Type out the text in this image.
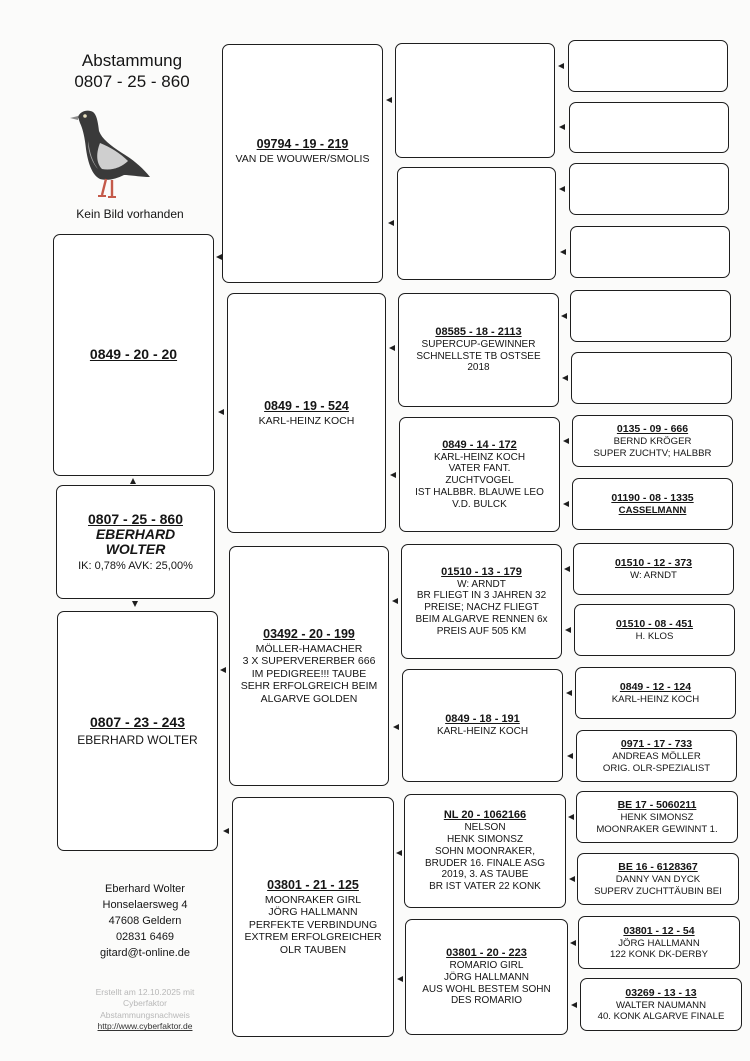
Abstammung
0807 - 25 - 860
Kein Bild vorhanden
0849 - 20 - 20
0807 - 25 - 860
EBERHARD
WOLTER
IK: 0,78% AVK: 25,00%
0807 - 23 - 243
EBERHARD WOLTER
09794 - 19 - 219
VAN DE WOUWER/SMOLIS
0849 - 19 - 524
KARL-HEINZ KOCH
03492 - 20 - 199
MÖLLER-HAMACHER
3 X SUPERVERERBER 666
IM PEDIGREE!!! TAUBE
SEHR ERFOLGREICH BEIM
ALGARVE GOLDEN
03801 - 21 - 125
MOONRAKER GIRL
JÖRG HALLMANN
PERFEKTE VERBINDUNG
EXTREM ERFOLGREICHER
OLR TAUBEN
08585 - 18 - 2113
SUPERCUP-GEWINNER
SCHNELLSTE TB OSTSEE
2018
0849 - 14 - 172
KARL-HEINZ KOCH
VATER FANT.
ZUCHTVOGEL
IST HALBBR. BLAUWE LEO
V.D. BULCK
01510 - 13 - 179
W: ARNDT
BR FLIEGT IN 3 JAHREN 32
PREISE; NACHZ FLIEGT
BEIM ALGARVE RENNEN 6x
PREIS AUF 505 KM
0849 - 18 - 191
KARL-HEINZ KOCH
NL 20 - 1062166
NELSON
HENK SIMONSZ
SOHN MOONRAKER,
BRUDER 16. FINALE ASG
2019, 3. AS TAUBE
BR IST VATER 22 KONK
03801 - 20 - 223
ROMARIO GIRL
JÖRG HALLMANN
AUS WOHL BESTEM SOHN
DES ROMARIO
0135 - 09 - 666
BERND KRÖGER
SUPER ZUCHTV; HALBBR
01190 - 08 - 1335
CASSELMANN
01510 - 12 - 373
W: ARNDT
01510 - 08 - 451
H. KLOS
0849 - 12 - 124
KARL-HEINZ KOCH
0971 - 17 - 733
ANDREAS MÖLLER
ORIG. OLR-SPEZIALIST
BE 17 - 5060211
HENK SIMONSZ
MOONRAKER GEWINNT 1.
BE 16 - 6128367
DANNY VAN DYCK
SUPERV ZUCHTTÄUBIN BEI
03801 - 12 - 54
JÖRG HALLMANN
122 KONK DK-DERBY
03269 - 13 - 13
WALTER NAUMANN
40. KONK ALGARVE FINALE
Eberhard Wolter
Honselaersweg 4
47608 Geldern
02831 6469
gitard@t-online.de
Erstellt am 12.10.2025 mit
Cyberfaktor
Abstammungsnachweis
http://www.cyberfaktor.de
